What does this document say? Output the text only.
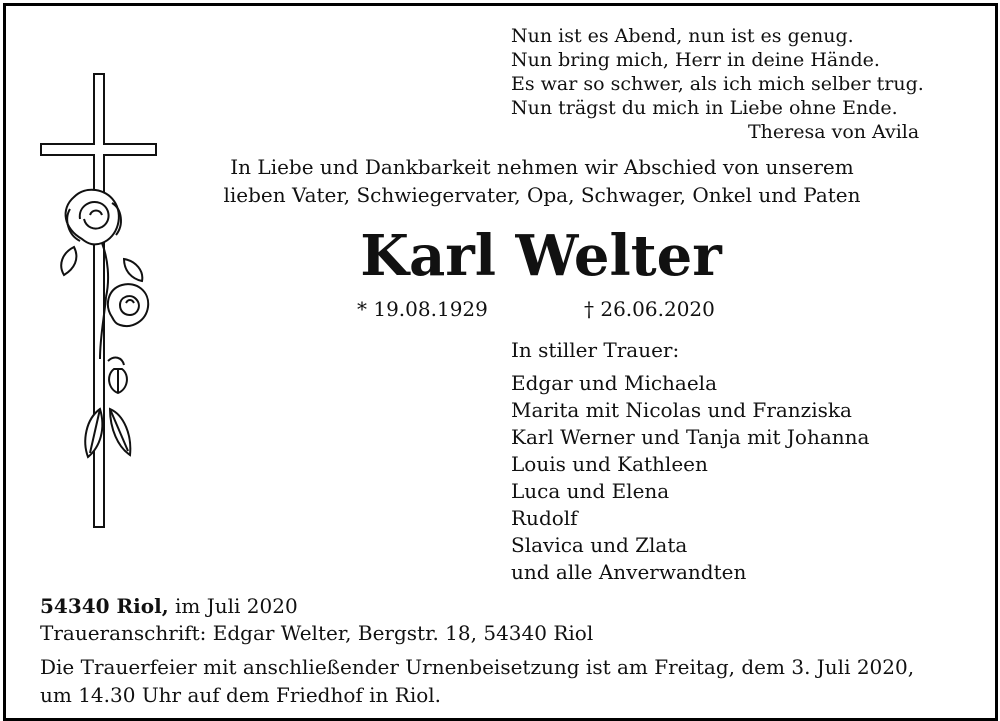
Nun ist es Abend, nun ist es genug.
Nun bring mich, Herr in deine Hände.
Es war so schwer, als ich mich selber trug.
Nun trägst du mich in Liebe ohne Ende.
Theresa von Avila
In Liebe und Dankbarkeit nehmen wir Abschied von unserem
lieben Vater, Schwiegervater, Opa, Schwager, Onkel und Paten
Karl Welter
* 19.08.1929	† 26.06.2020
In stiller Trauer:
Edgar und Michaela
Marita mit Nicolas und Franziska
Karl Werner und Tanja mit Johanna
Louis und Kathleen
Luca und Elena
Rudolf
Slavica und Zlata
und alle Anverwandten
54340 Riol, im Juli 2020
Traueranschrift: Edgar Welter, Bergstr. 18, 54340 Riol
Die Trauerfeier mit anschließender Urnenbeisetzung ist am Freitag, dem 3. Juli 2020,
um 14.30 Uhr auf dem Friedhof in Riol.
